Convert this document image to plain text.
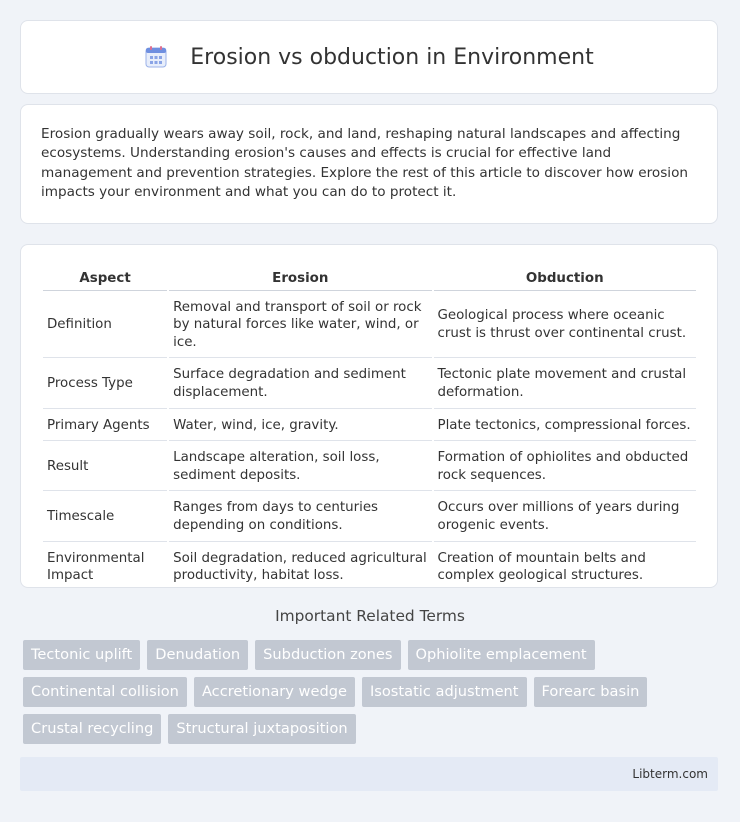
Erosion vs obduction in Environment

Erosion gradually wears away soil, rock, and land, reshaping natural landscapes and affecting ecosystems. Understanding erosion's causes and effects is crucial for effective land management and prevention strategies. Explore the rest of this article to discover how erosion impacts your environment and what you can do to protect it.

Aspect	Erosion	Obduction
Definition	Removal and transport of soil or rock by natural forces like water, wind, or ice.	Geological process where oceanic crust is thrust over continental crust.
Process Type	Surface degradation and sediment displacement.	Tectonic plate movement and crustal deformation.
Primary Agents	Water, wind, ice, gravity.	Plate tectonics, compressional forces.
Result	Landscape alteration, soil loss, sediment deposits.	Formation of ophiolites and obducted rock sequences.
Timescale	Ranges from days to centuries depending on conditions.	Occurs over millions of years during orogenic events.
Environmental Impact	Soil degradation, reduced agricultural productivity, habitat loss.	Creation of mountain belts and complex geological structures.
Important Related Terms
Tectonic uplift	Denudation	Subduction zones	Ophiolite emplacement
Continental collision	Accretionary wedge	Isostatic adjustment	Forearc basin
Crustal recycling	Structural juxtaposition
Libterm.com
